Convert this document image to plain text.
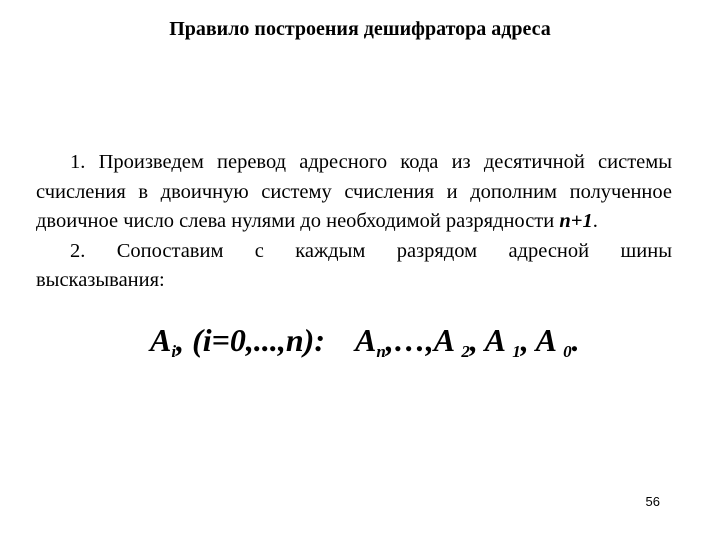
Правило построения дешифратора адреса

1. Произведем перевод адресного кода из десятичной системы счисления в двоичную систему счисления и дополним полученное двоичное число слева нулями до необходимой разрядности n+1.

2. Сопоставим с каждым разрядом адресной шины
высказывания:

$A_i$, (i=0,...,n): $A_n,\dots,A$ $_2$, A $_1$, A $_0$.
56
